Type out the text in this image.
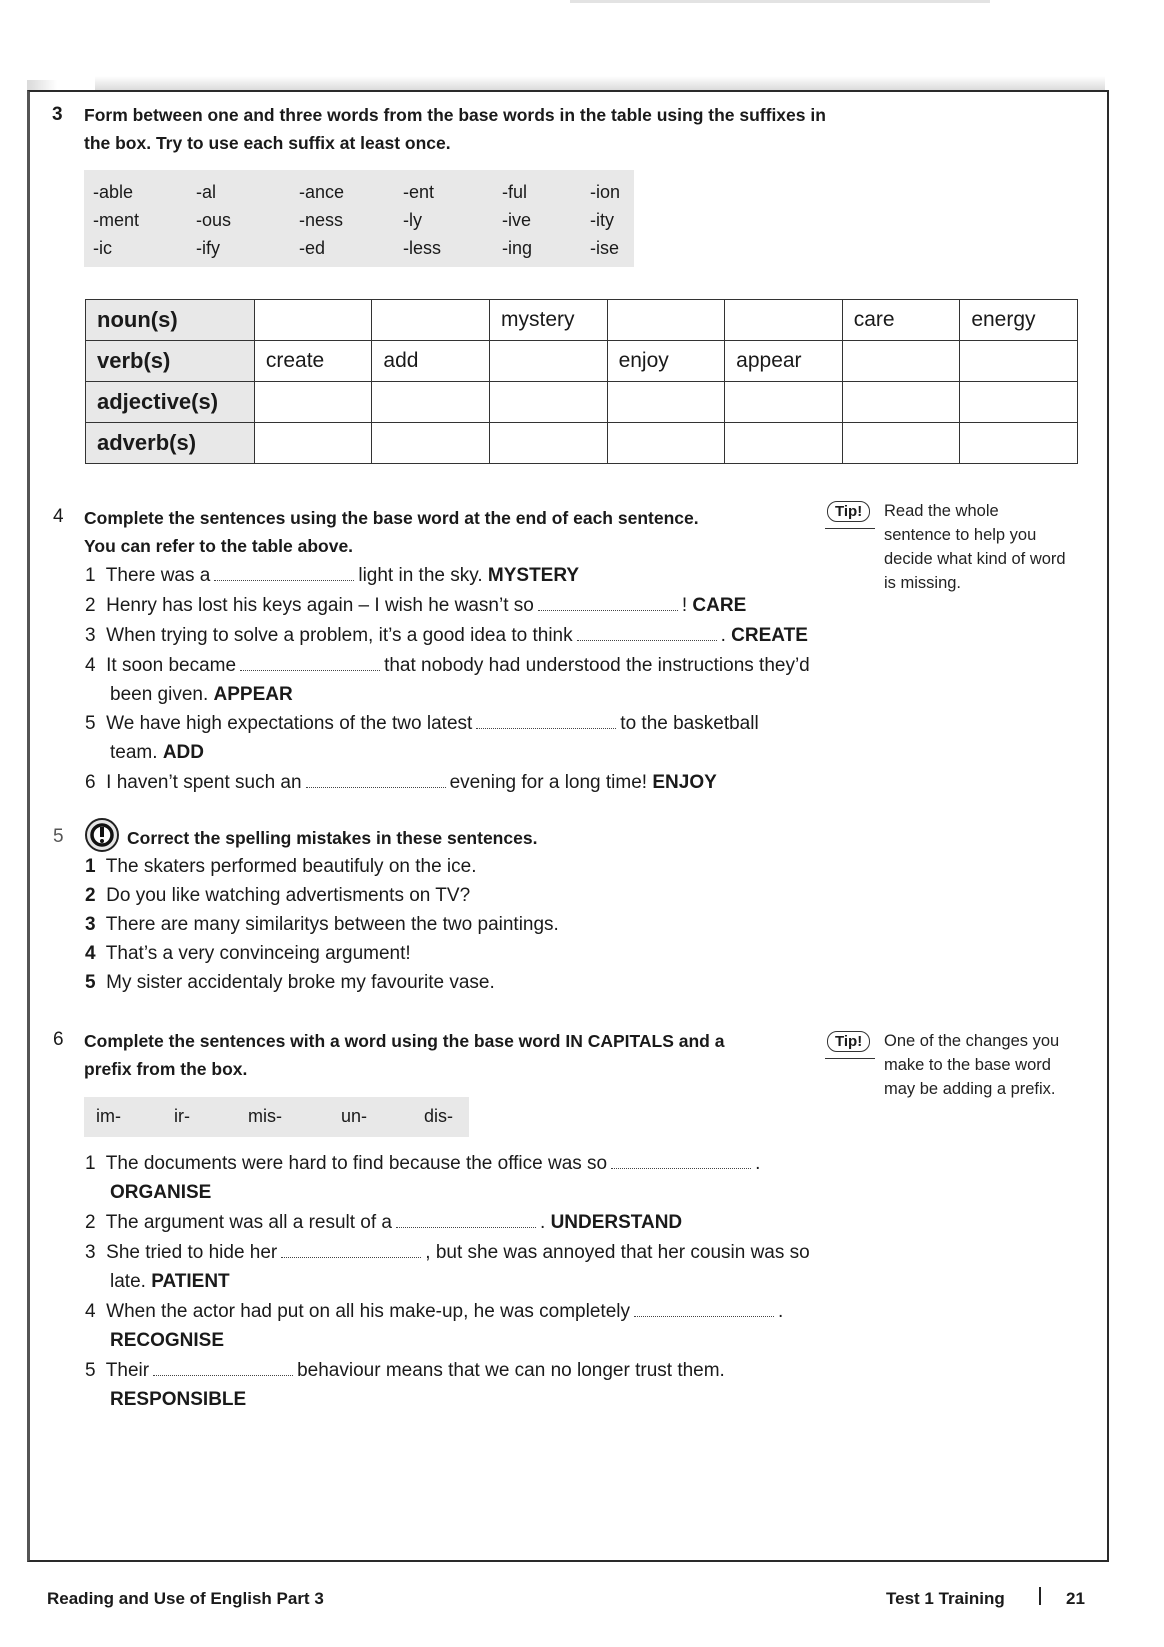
3 Form between one and three words from the base words in the table using the suffixes in
the box. Try to use each suffix at least once.
-able	-al	-ance	-ent	-ful	-ion
-ment	-ous	-ness	-ly	-ive	-ity
-ic	-ify	-ed	-less	-ing	-ise
noun(s)			mystery			care	energy
verb(s)	create	add		enjoy	appear		
adjective(s)							
adverb(s)							
4 Complete the sentences using the base word at the end of each sentence.
You can refer to the table above.
Tip!	Read the whole
sentence to help you
decide what kind of word
is missing.
1 There was a	light in the sky. MYSTERY
2 Henry has lost his keys again – I wish he wasn’t so	! CARE
3 When trying to solve a problem, it’s a good idea to think	. CREATE
4 It soon became	that nobody had understood the instructions they’d
been given. APPEAR
5 We have high expectations of the two latest	to the basketball
team. ADD
6 I haven’t spent such an	evening for a long time! ENJOY
5	Correct the spelling mistakes in these sentences.
1 The skaters performed beautifuly on the ice.
2 Do you like watching advertisments on TV?
3 There are many similaritys between the two paintings.
4 That’s a very convinceing argument!
5 My sister accidentaly broke my favourite vase.
6 Complete the sentences with a word using the base word IN CAPITALS and a
prefix from the box.
Tip!	One of the changes you
make to the base word
may be adding a prefix.
im-	ir-	mis-	un-	dis-
1 The documents were hard to find because the office was so	.
ORGANISE
2 The argument was all a result of a	. UNDERSTAND
3 She tried to hide her	, but she was annoyed that her cousin was so
late. PATIENT
4 When the actor had put on all his make-up, he was completely	.
RECOGNISE
5 Their	behaviour means that we can no longer trust them.
RESPONSIBLE
Reading and Use of English Part 3	Test 1 Training	21
